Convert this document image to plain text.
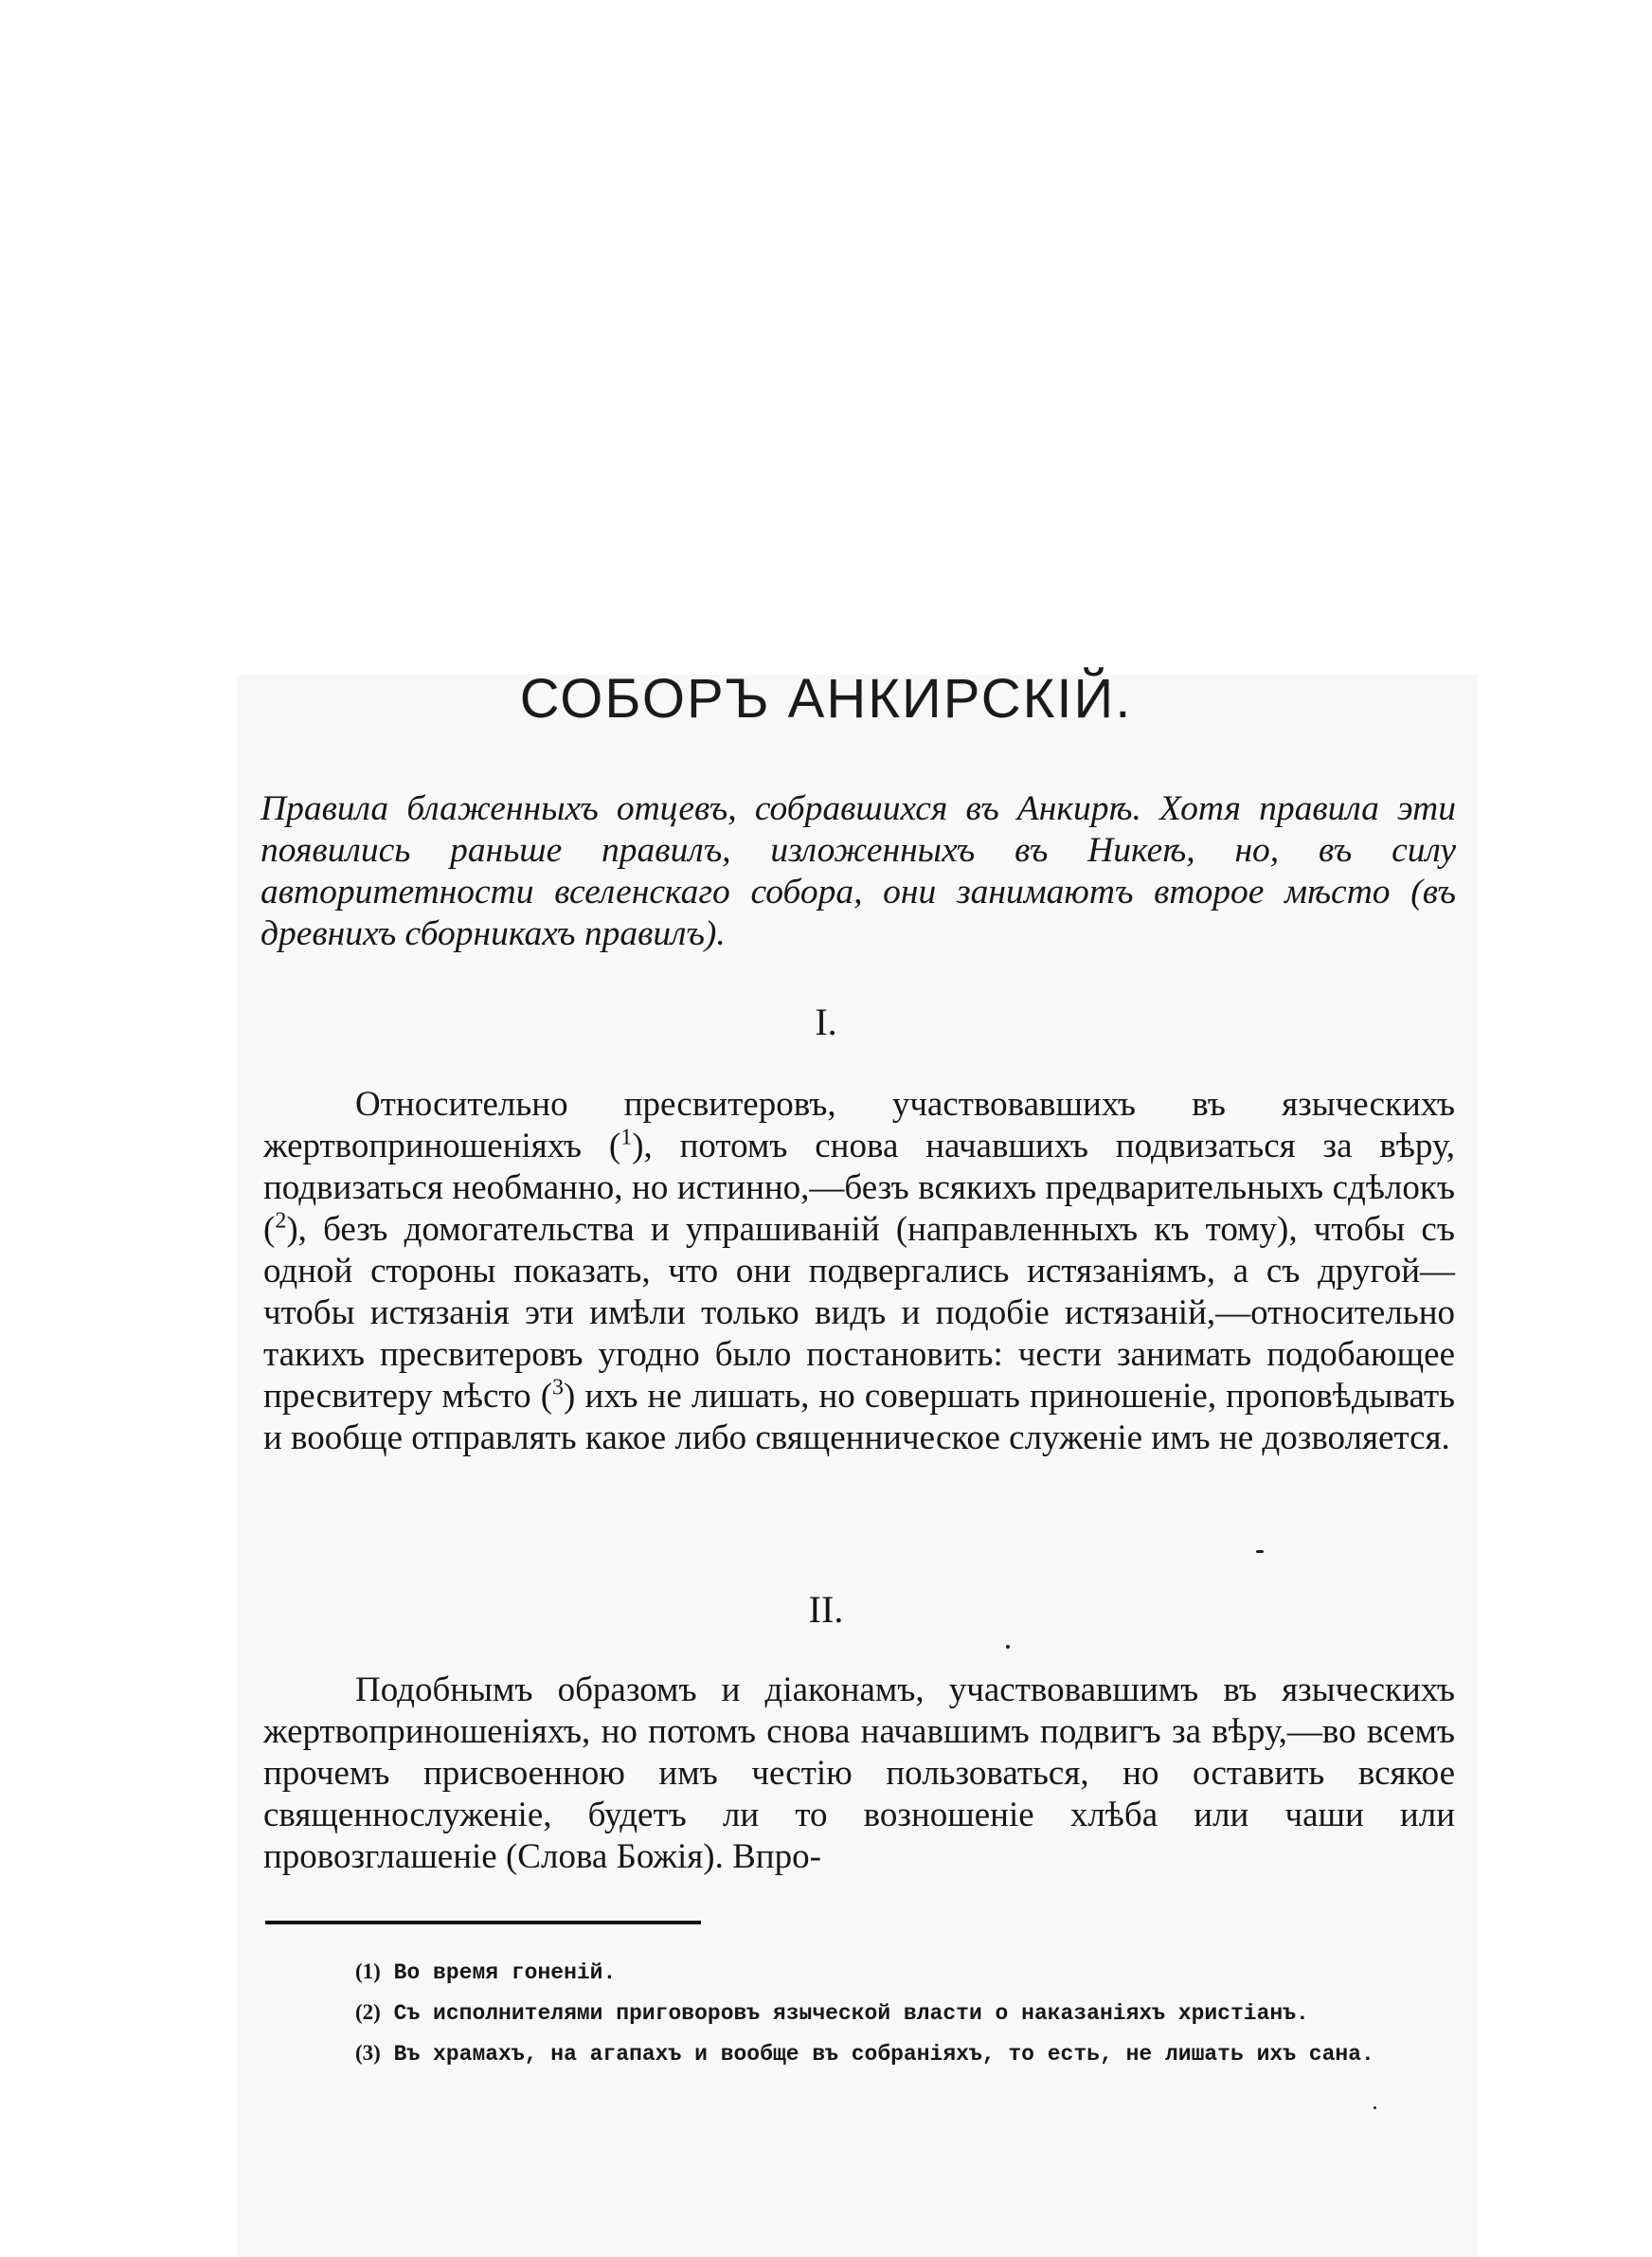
СОБОРЪ АНКИРСКІЙ.

Правила блаженныхъ отцевъ, собравшихся въ Анкирѣ. Хотя правила эти появились раньше правилъ, изложенныхъ въ Никеѣ, но, въ силу авторитетности вселенскаго собора, они занимаютъ второе мѣсто (въ древнихъ сборникахъ правилъ).

I.

Относительно пресвитеровъ, участвовавшихъ въ языческихъ жертвоприношеніяхъ ($^1$), потомъ снова начавшихъ подвизаться за вѣру, подвизаться необманно, но истинно,—безъ всякихъ предварительныхъ сдѣлокъ ($^2$), безъ домогательства и упрашиваній (направленныхъ къ тому), чтобы съ одной стороны показать, что они подвергались истязаніямъ, а съ другой—чтобы истязанія эти имѣли только видъ и подобіе истязаній,—относительно такихъ пресвитеровъ угодно было постановить: чести занимать подобающее пресвитеру мѣсто ($^3$) ихъ не лишать, но совершать приношеніе, проповѣдывать и вообще отправлять какое либо священническое служеніе имъ не дозволяется.

II.

Подобнымъ образомъ и діаконамъ, участвовавшимъ въ языческихъ жертвоприношеніяхъ, но потомъ снова начавшимъ подвигъ за вѣру,—во всемъ прочемъ присвоенною имъ честію пользоваться, но оставить всякое священнослуженіе, будетъ ли то возношеніе хлѣба или чаши или провозглашеніе (Слова Божія). Впро-

(1) Во время гоненій.

(2) Съ исполнителями приговоровъ языческой власти о наказаніяхъ христіанъ.

(3) Въ храмахъ, на агапахъ и вообще въ собраніяхъ, то есть, не лишать ихъ сана.
